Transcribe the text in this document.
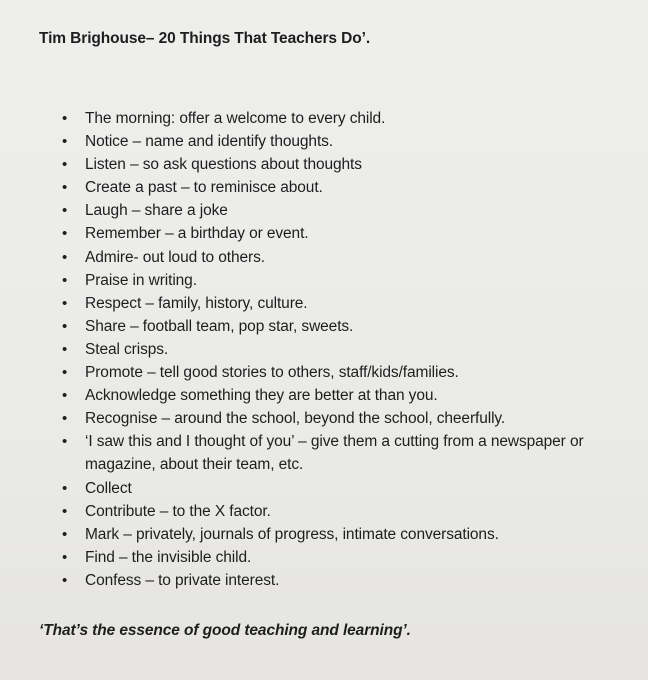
Tim Brighouse– 20 Things That Teachers Do’.
• The morning: offer a welcome to every child.
• Notice – name and identify thoughts.
• Listen – so ask questions about thoughts
• Create a past – to reminisce about.
• Laugh – share a joke
• Remember – a birthday or event.
• Admire- out loud to others.
• Praise in writing.
• Respect – family, history, culture.
• Share – football team, pop star, sweets.
• Steal crisps.
• Promote – tell good stories to others, staff/kids/families.
• Acknowledge something they are better at than you.
• Recognise – around the school, beyond the school, cheerfully.
• ‘I saw this and I thought of you’ – give them a cutting from a newspaper or magazine, about their team, etc.
• Collect
• Contribute – to the X factor.
• Mark – privately, journals of progress, intimate conversations.
• Find – the invisible child.
• Confess – to private interest.
‘That’s the essence of good teaching and learning’.
